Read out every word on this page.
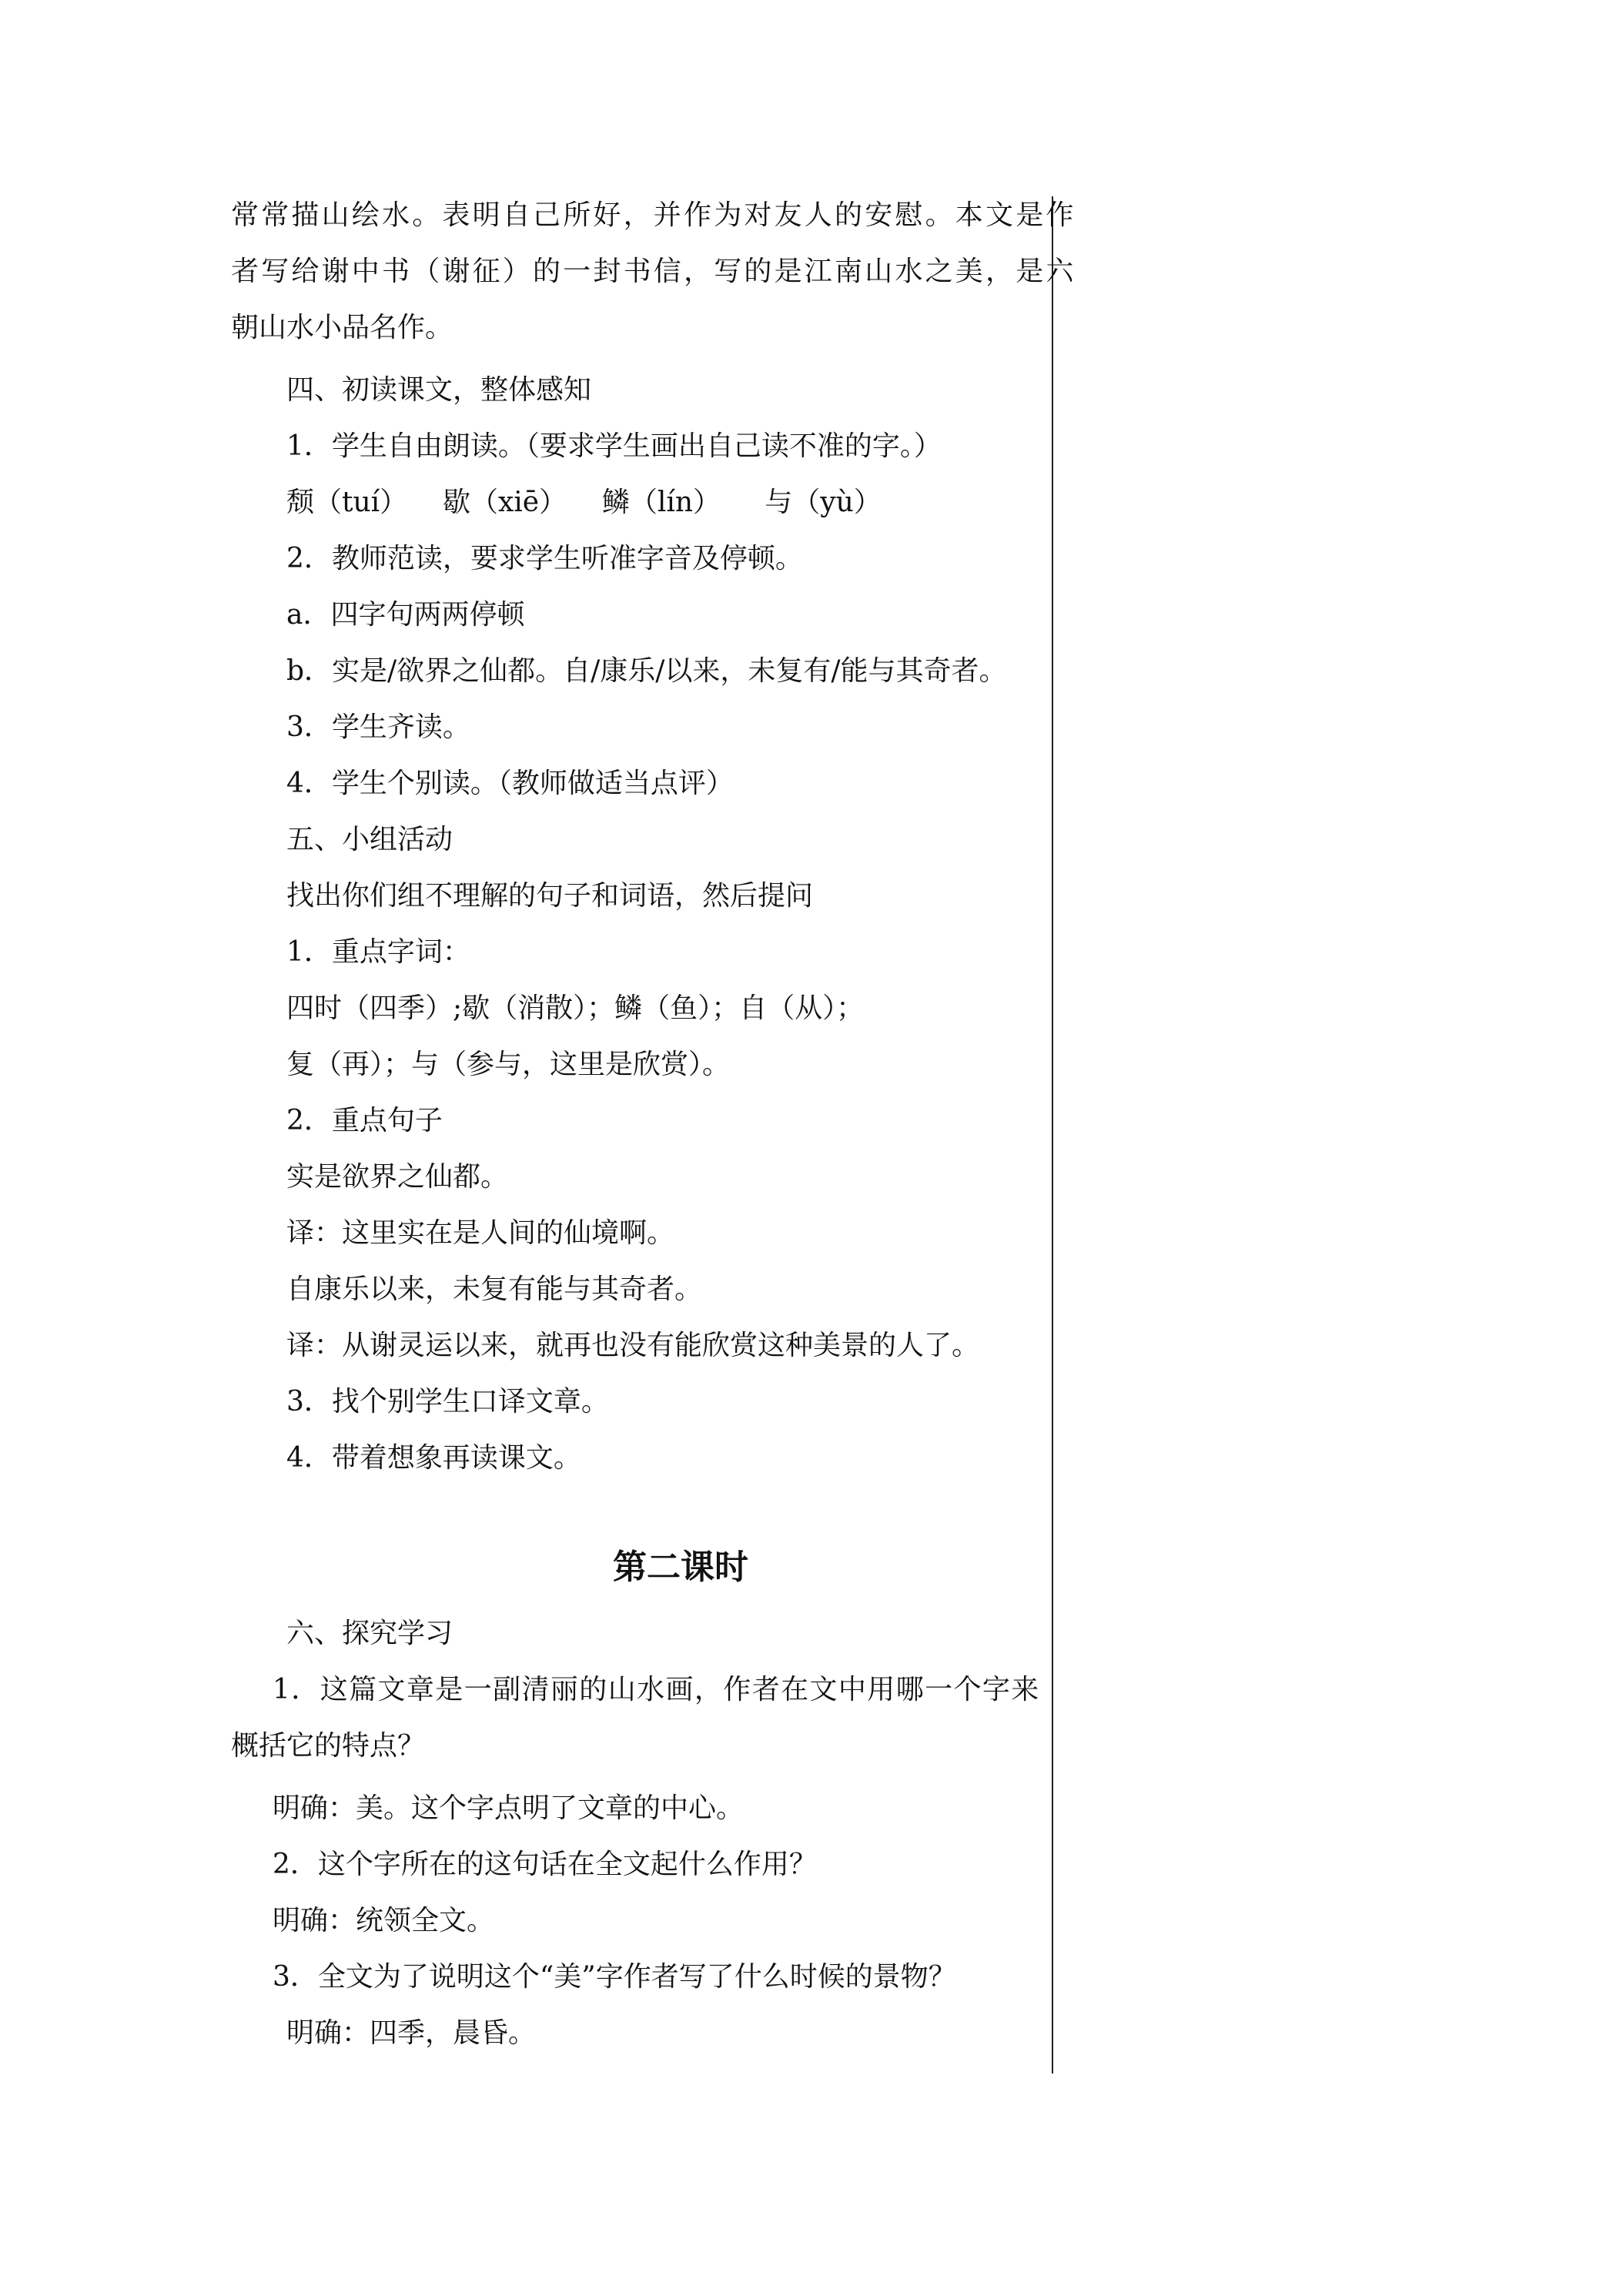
常常描山绘水。表明自己所好，并作为对友人的安慰。本文是作
者写给谢中书（谢征）的一封书信，写的是江南山水之美，是六
朝山水小品名作。
四、初读课文，整体感知
1．学生自由朗读。（要求学生画出自己读不准的字。）
颓（tuí）    歇（xiē）    鳞（lín）     与（yù）
2．教师范读，要求学生听准字音及停顿。
a．四字句两两停顿
b．实是/欲界之仙都。自/康乐/以来，未复有/能与其奇者。
3．学生齐读。
4．学生个别读。（教师做适当点评）
五、小组活动
找出你们组不理解的句子和词语，然后提问
1．重点字词：
四时（四季）;歇（消散）；鳞（鱼）；自（从）；
复（再）；与（参与，这里是欣赏）。
2．重点句子
实是欲界之仙都。
译：这里实在是人间的仙境啊。
自康乐以来，未复有能与其奇者。
译：从谢灵运以来，就再也没有能欣赏这种美景的人了。
3．找个别学生口译文章。
4．带着想象再读课文。
第二课时
六、探究学习
1．这篇文章是一副清丽的山水画，作者在文中用哪一个字来
概括它的特点？
明确：美。这个字点明了文章的中心。
2．这个字所在的这句话在全文起什么作用？
明确：统领全文。
3．全文为了说明这个“美”字作者写了什么时候的景物？
明确：四季，晨昏。
